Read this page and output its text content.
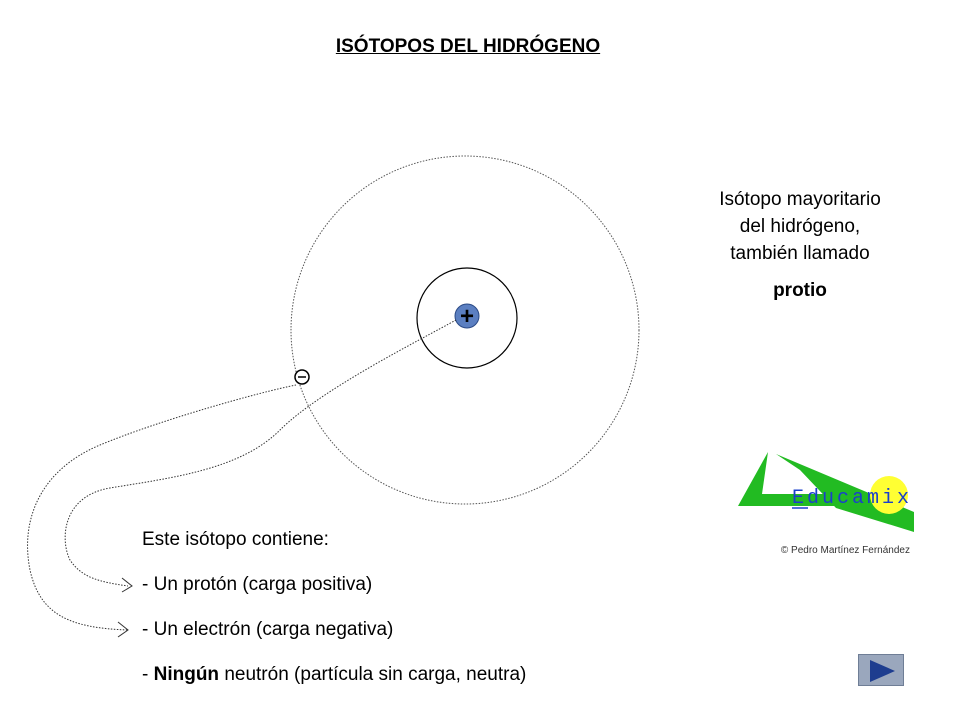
ISÓTOPOS DEL HIDRÓGENO
+
Isótopo mayoritario
del hidrógeno,
también llamado
protio
Este isótopo contiene:
- Un protón (carga positiva)
- Un electrón (carga negativa)
- Ningún neutrón (partícula sin carga, neutra)
Educamix
© Pedro Martínez Fernández
